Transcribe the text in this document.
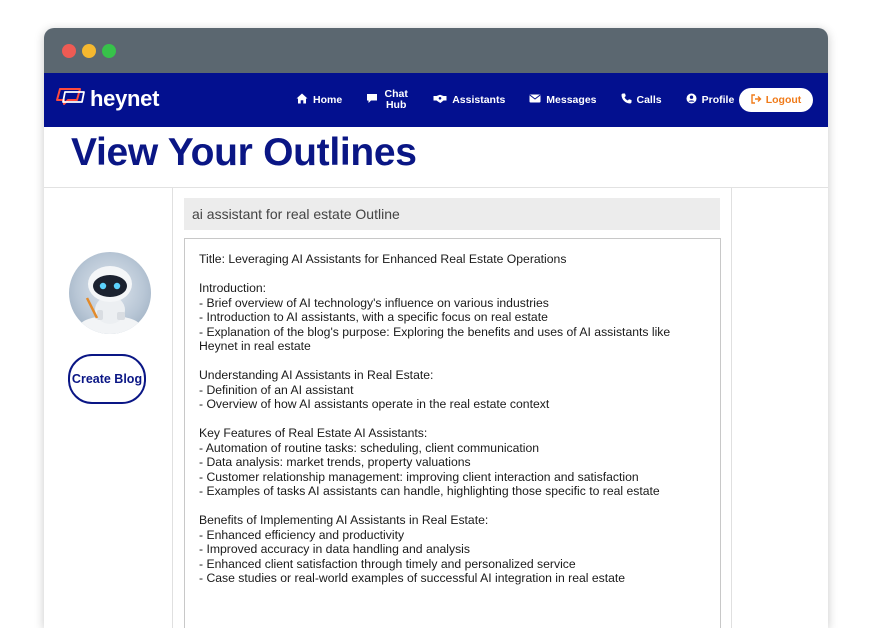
heynet	Home	Chat Hub	Assistants	Messages	Calls	Profile	Logout
View Your Outlines
Create Blog
ai assistant for real estate Outline
Title: Leveraging AI Assistants for Enhanced Real Estate Operations

Introduction:
- Brief overview of AI technology's influence on various industries
- Introduction to AI assistants, with a specific focus on real estate
- Explanation of the blog's purpose: Exploring the benefits and uses of AI assistants like Heynet in real estate

Understanding AI Assistants in Real Estate:
- Definition of an AI assistant
- Overview of how AI assistants operate in the real estate context

Key Features of Real Estate AI Assistants:
- Automation of routine tasks: scheduling, client communication
- Data analysis: market trends, property valuations
- Customer relationship management: improving client interaction and satisfaction
- Examples of tasks AI assistants can handle, highlighting those specific to real estate

Benefits of Implementing AI Assistants in Real Estate:
- Enhanced efficiency and productivity
- Improved accuracy in data handling and analysis
- Enhanced client satisfaction through timely and personalized service
- Case studies or real-world examples of successful AI integration in real estate
